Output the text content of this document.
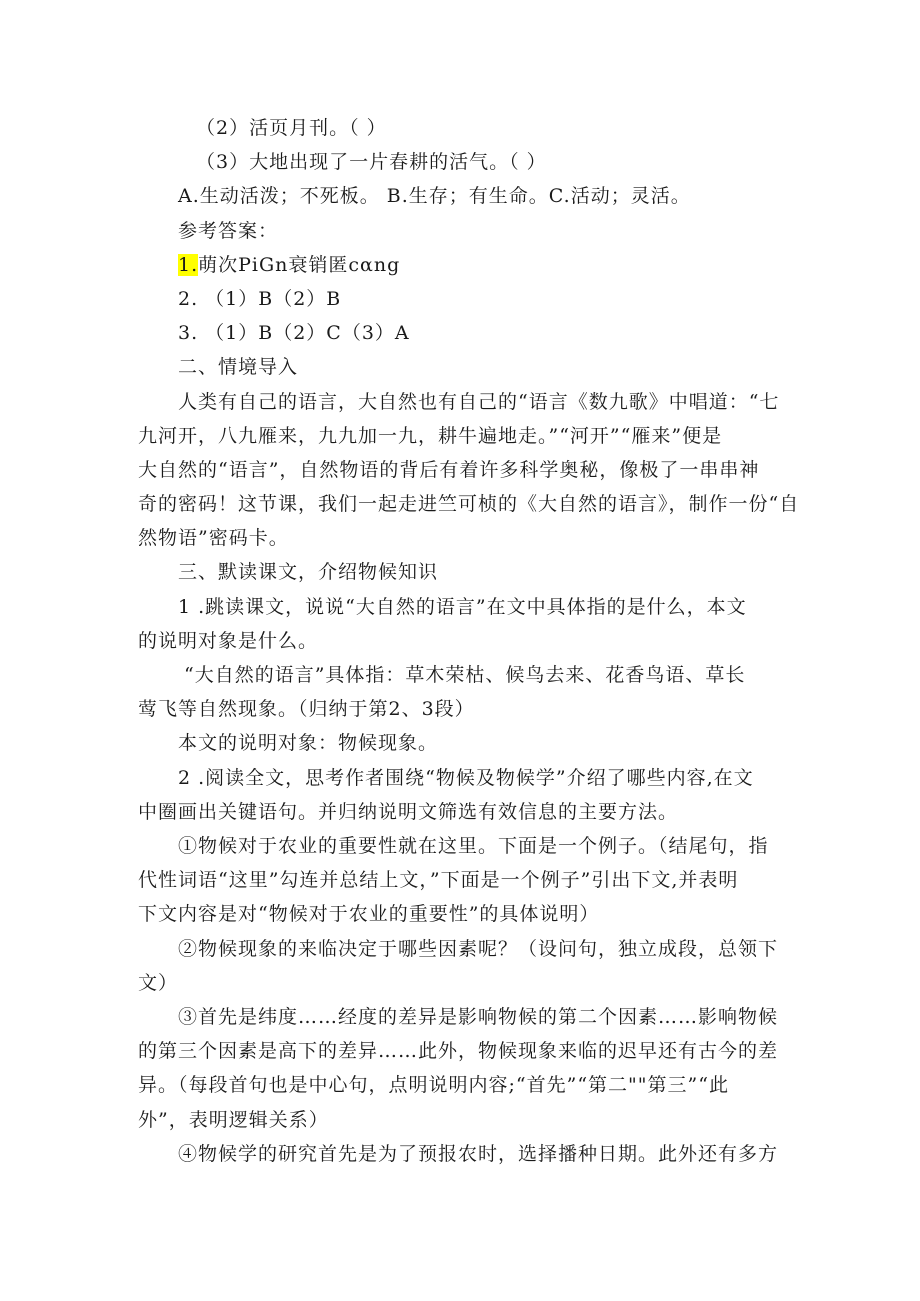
（2）活页月刊。（ ）
（3）大地出现了一片春耕的活气。（ ）
A.生动活泼；不死板。 B.生存；有生命。C.活动；灵活。
参考答案：
1.萌次PiGn衰销匿cαng
2. （1）B（2）B
3. （1）B（2）C（3）A
二、情境导入
人类有自己的语言，大自然也有自己的“语言《数九歌》中唱道：“七
九河开，八九雁来，九九加一九，耕牛遍地走。”“河开”“雁来”便是
大自然的“语言”，自然物语的背后有着许多科学奥秘，像极了一串串神
奇的密码！这节课，我们一起走进竺可桢的《大自然的语言》，制作一份“自
然物语”密码卡。
三、默读课文，介绍物候知识
1 .跳读课文，说说“大自然的语言”在文中具体指的是什么，本文
的说明对象是什么。
“大自然的语言”具体指：草木荣枯、候鸟去来、花香鸟语、草长
莺飞等自然现象。（归纳于第2、3段）
本文的说明对象：物候现象。
2 .阅读全文，思考作者围绕“物候及物候学”介绍了哪些内容,在文
中圈画出关键语句。并归纳说明文筛选有效信息的主要方法。
①物候对于农业的重要性就在这里。下面是一个例子。（结尾句，指
代性词语“这里”勾连并总结上文，”下面是一个例子”引出下文,并表明
下文内容是对“物候对于农业的重要性”的具体说明）
②物候现象的来临决定于哪些因素呢？（设问句，独立成段，总领下
文）
③首先是纬度……经度的差异是影响物候的第二个因素……影响物候
的第三个因素是高下的差异……此外，物候现象来临的迟早还有古今的差
异。（每段首句也是中心句，点明说明内容;“首先”“第二""第三”“此
外”，表明逻辑关系）
④物候学的研究首先是为了预报农时，选择播种日期。此外还有多方
